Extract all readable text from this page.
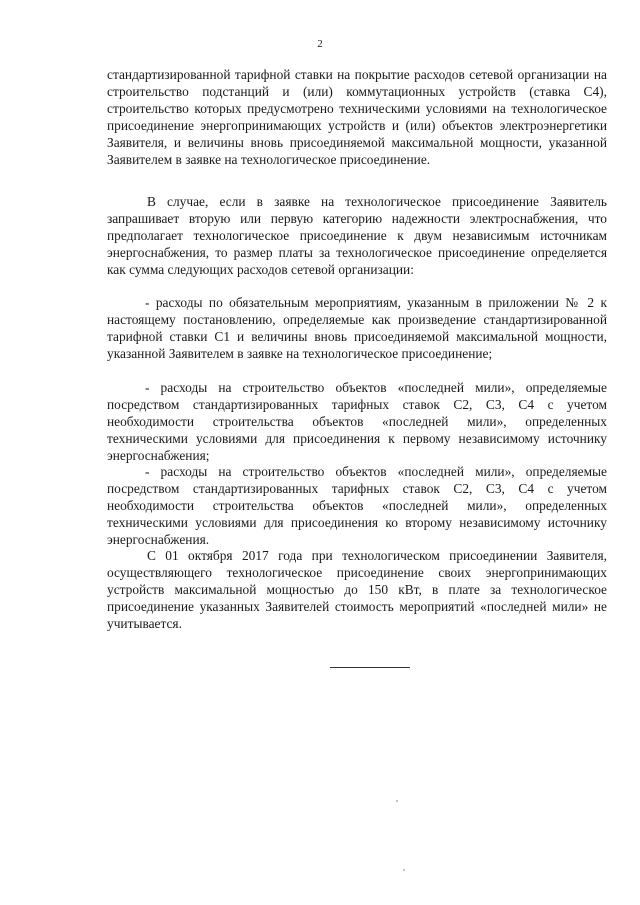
2

стандартизированной тарифной ставки на покрытие расходов сетевой организации на строительство подстанций и (или) коммутационных устройств (ставка С4), строительство которых предусмотрено техническими условиями на технологическое присоединение энергопринимающих устройств и (или) объектов электроэнергетики Заявителя, и величины вновь присоединяемой максимальной мощности, указанной Заявителем в заявке на технологическое присоединение.

В случае, если в заявке на технологическое присоединение Заявитель запрашивает вторую или первую категорию надежности электроснабжения, что предполагает технологическое присоединение к двум независимым источникам энергоснабжения, то размер платы за технологическое присоединение определяется как сумма следующих расходов сетевой организации:

- расходы по обязательным мероприятиям, указанным в приложении № 2 к настоящему постановлению, определяемые как произведение стандартизированной тарифной ставки С1 и величины вновь присоединяемой максимальной мощности, указанной Заявителем в заявке на технологическое присоединение;

- расходы на строительство объектов «последней мили», определяемые посредством стандартизированных тарифных ставок С2, С3, С4 с учетом необходимости строительства объектов «последней мили», определенных техническими условиями для присоединения к первому независимому источнику энергоснабжения;

- расходы на строительство объектов «последней мили», определяемые посредством стандартизированных тарифных ставок С2, С3, С4 с учетом необходимости строительства объектов «последней мили», определенных техническими условиями для присоединения ко второму независимому источнику энергоснабжения.

С 01 октября 2017 года при технологическом присоединении Заявителя, осуществляющего технологическое присоединение своих энергопринимающих устройств максимальной мощностью до 150 кВт, в плате за технологическое присоединение указанных Заявителей стоимость мероприятий «последней мили» не учитывается.
